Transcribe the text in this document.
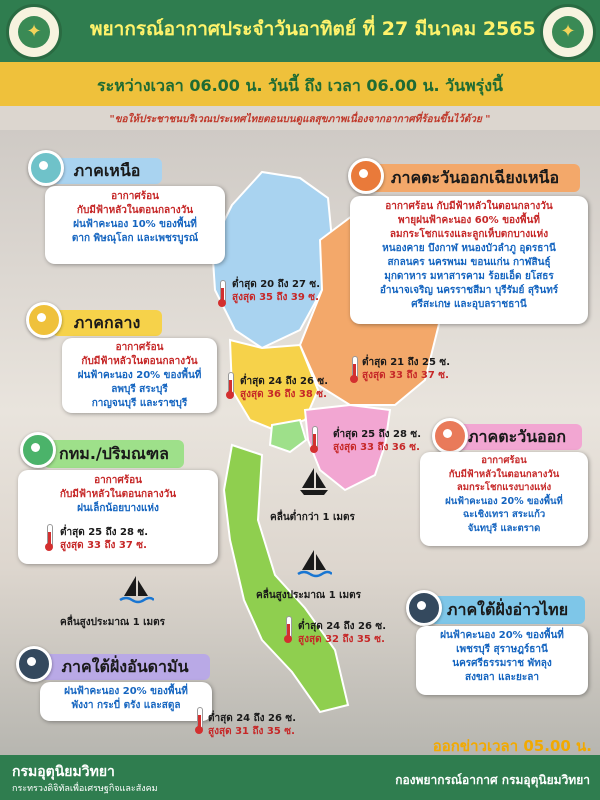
✦	✦
พยากรณ์อากาศประจำวันอาทิตย์ ที่ 27 มีนาคม 2565
ระหว่างเวลา 06.00 น. วันนี้ ถึง เวลา 06.00 น. วันพรุ่งนี้
"ขอให้ประชาชนบริเวณประเทศไทยตอนบนดูแลสุขภาพเนื่องจากอากาศที่ร้อนขึ้นไว้ด้วย "
ภาคเหนือ
อากาศร้อน
กับมีฟ้าหลัวในตอนกลางวัน
ฝนฟ้าคะนอง 10% ของพื้นที่
ตาก พิษณุโลก และเพชรบูรณ์
ต่ำสุด 20 ถึง 27 ซ.
สูงสุด 35 ถึง 39 ซ.
ภาคตะวันออกเฉียงเหนือ
อากาศร้อน กับมีฟ้าหลัวในตอนกลางวัน
พายุฝนฟ้าคะนอง 60% ของพื้นที่
ลมกระโชกแรงและลูกเห็บตกบางแห่ง
หนองคาย บึงกาฬ หนองบัวลำภู อุดรธานี
สกลนคร นครพนม ขอนแก่น กาฬสินธุ์
มุกดาหาร มหาสารคาม ร้อยเอ็ด ยโสธร
อำนาจเจริญ นครราชสีมา บุรีรัมย์ สุรินทร์
ศรีสะเกษ และอุบลราชธานี
ต่ำสุด 21 ถึง 25 ซ.
สูงสุด 33 ถึง 37 ซ.
ภาคกลาง
อากาศร้อน
กับมีฟ้าหลัวในตอนกลางวัน
ฝนฟ้าคะนอง 20% ของพื้นที่
ลพบุรี สระบุรี
กาญจนบุรี และราชบุรี
ต่ำสุด 24 ถึง 26 ซ.
สูงสุด 36 ถึง 38 ซ.
กทม./ปริมณฑล
อากาศร้อน
กับมีฟ้าหลัวในตอนกลางวัน
ฝนเล็กน้อยบางแห่ง
ต่ำสุด 25 ถึง 28 ซ.
สูงสุด 33 ถึง 37 ซ.
ภาคตะวันออก
อากาศร้อน
กับมีฟ้าหลัวในตอนกลางวัน
ลมกระโชกแรงบางแห่ง
ฝนฟ้าคะนอง 20% ของพื้นที่
ฉะเชิงเทรา สระแก้ว
จันทบุรี และตราด
ต่ำสุด 25 ถึง 28 ซ.
สูงสุด 33 ถึง 36 ซ.
คลื่นต่ำกว่า 1 เมตร
คลื่นสูงประมาณ 1 เมตร
คลื่นสูงประมาณ 1 เมตร
ภาคใต้ฝั่งอ่าวไทย
ฝนฟ้าคะนอง 20% ของพื้นที่
เพชรบุรี สุราษฎร์ธานี
นครศรีธรรมราช พัทลุง
สงขลา และยะลา
ต่ำสุด 24 ถึง 26 ซ.
สูงสุด 32 ถึง 35 ซ.
ภาคใต้ฝั่งอันดามัน
ฝนฟ้าคะนอง 20% ของพื้นที่
พังงา กระบี่ ตรัง และสตูล
ต่ำสุด 24 ถึง 26 ซ.
สูงสุด 31 ถึง 35 ซ.
ออกข่าวเวลา 05.00 น.
กรมอุตุนิยมวิทยา
กระทรวงดิจิทัลเพื่อเศรษฐกิจและสังคม
กองพยากรณ์อากาศ กรมอุตุนิยมวิทยา
